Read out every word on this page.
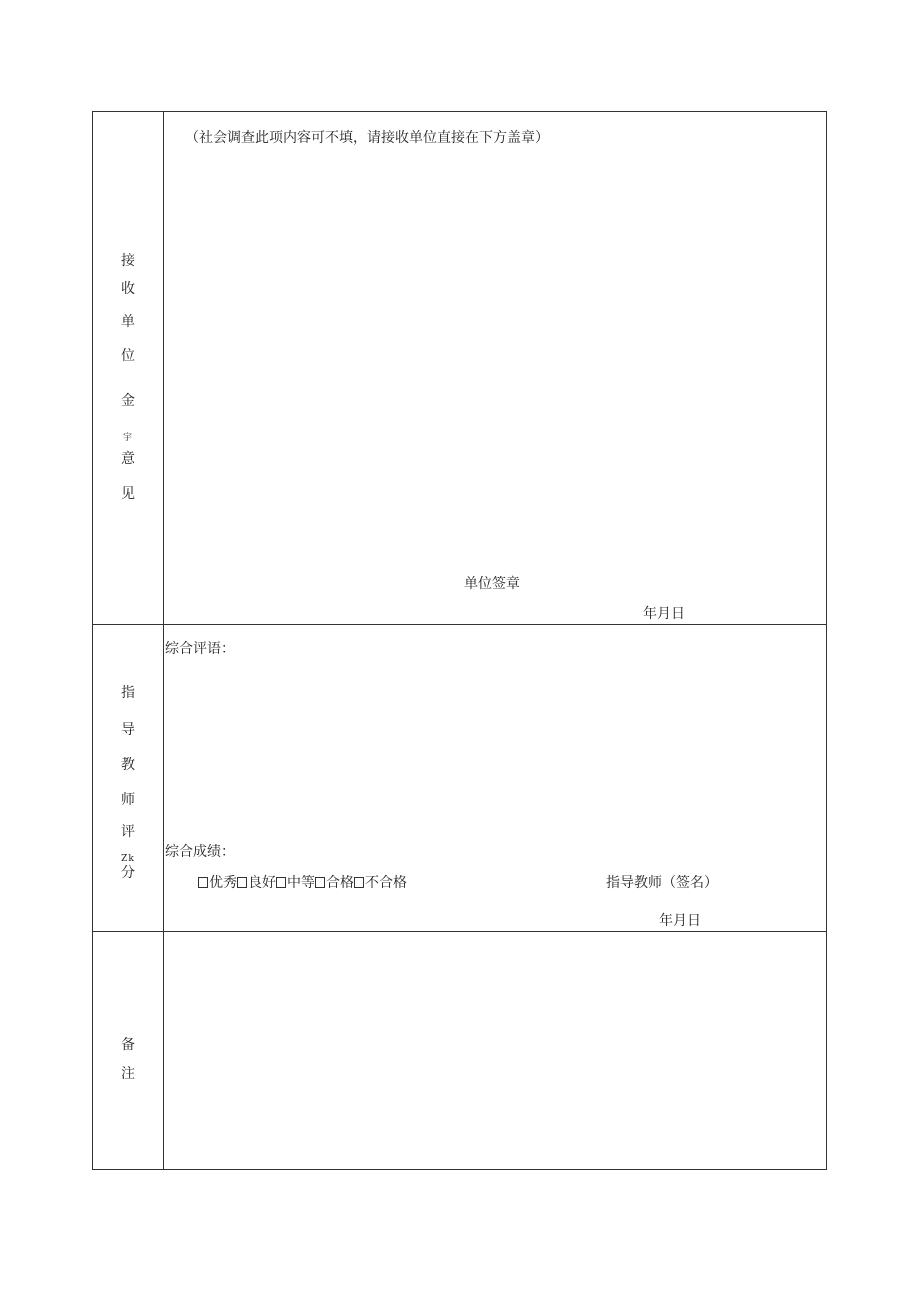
接
收
单
位
金
宇
意
见
（社会调查此项内容可不填，请接收单位直接在下方盖章）
单位签章
年月日
指
导
教
师
评
Zk
分
综合评语：
综合成绩：
优秀 良好 中等 合格 不合格	指导教师（签名）
年月日
备
注
